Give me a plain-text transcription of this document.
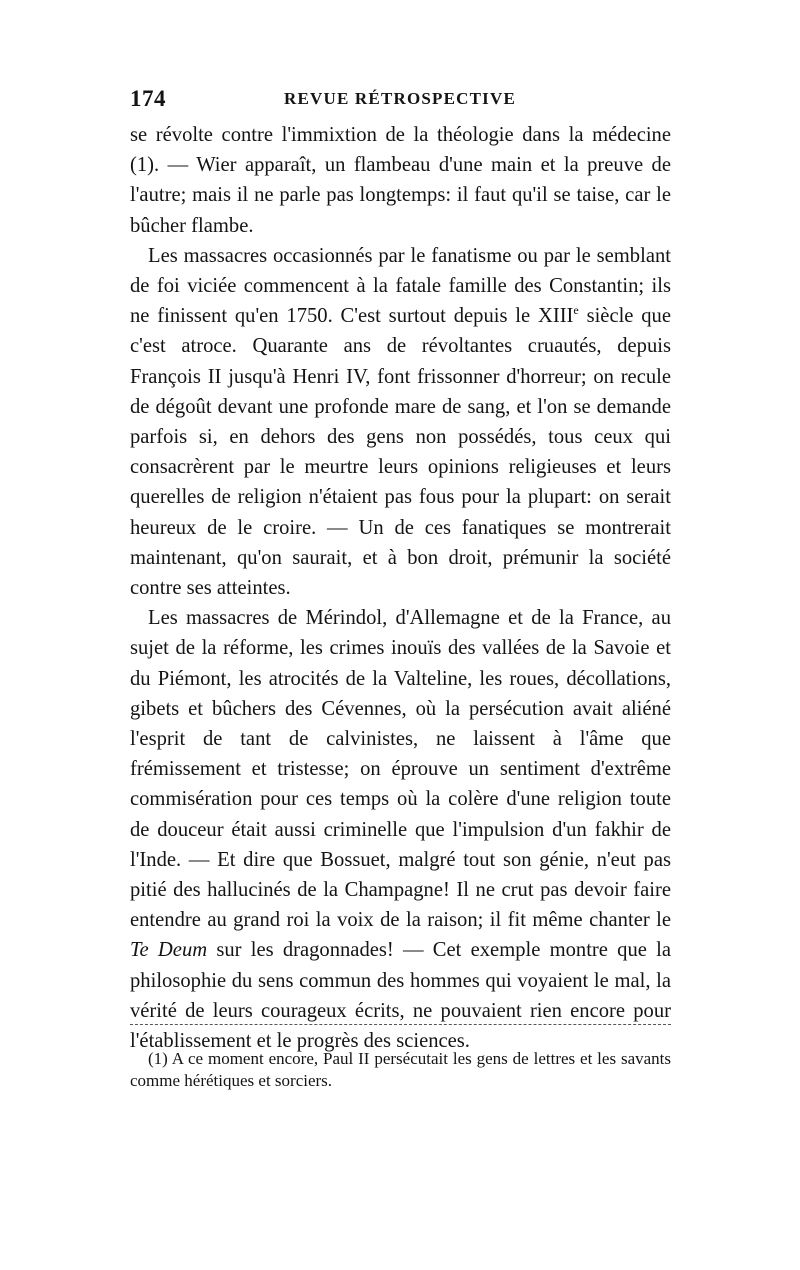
174	REVUE RÉTROSPECTIVE

se révolte contre l'immixtion de la théologie dans la médecine (1). — Wier apparaît, un flambeau d'une main et la preuve de l'autre; mais il ne parle pas longtemps: il faut qu'il se taise, car le bûcher flambe.

Les massacres occasionnés par le fanatisme ou par le semblant de foi viciée commencent à la fatale famille des Constantin; ils ne finissent qu'en 1750. C'est surtout depuis le XIIIe siècle que c'est atroce. Quarante ans de révoltantes cruautés, depuis François II jusqu'à Henri IV, font frissonner d'horreur; on recule de dégoût devant une profonde mare de sang, et l'on se demande parfois si, en dehors des gens non possédés, tous ceux qui consacrèrent par le meurtre leurs opinions religieuses et leurs querelles de religion n'étaient pas fous pour la plupart: on serait heureux de le croire. — Un de ces fanatiques se montrerait maintenant, qu'on saurait, et à bon droit, prémunir la société contre ses atteintes.

Les massacres de Mérindol, d'Allemagne et de la France, au sujet de la réforme, les crimes inouïs des vallées de la Savoie et du Piémont, les atrocités de la Valteline, les roues, décollations, gibets et bûchers des Cévennes, où la persécution avait aliéné l'esprit de tant de calvinistes, ne laissent à l'âme que frémissement et tristesse; on éprouve un sentiment d'extrême commisération pour ces temps où la colère d'une religion toute de douceur était aussi criminelle que l'impulsion d'un fakhir de l'Inde. — Et dire que Bossuet, malgré tout son génie, n'eut pas pitié des hallucinés de la Champagne! Il ne crut pas devoir faire entendre au grand roi la voix de la raison; il fit même chanter le Te Deum sur les dragonnades! — Cet exemple montre que la philosophie du sens commun des hommes qui voyaient le mal, la vérité de leurs courageux écrits, ne pouvaient rien encore pour l'établissement et le progrès des sciences.

(1) A ce moment encore, Paul II persécutait les gens de lettres et les savants comme hérétiques et sorciers.
